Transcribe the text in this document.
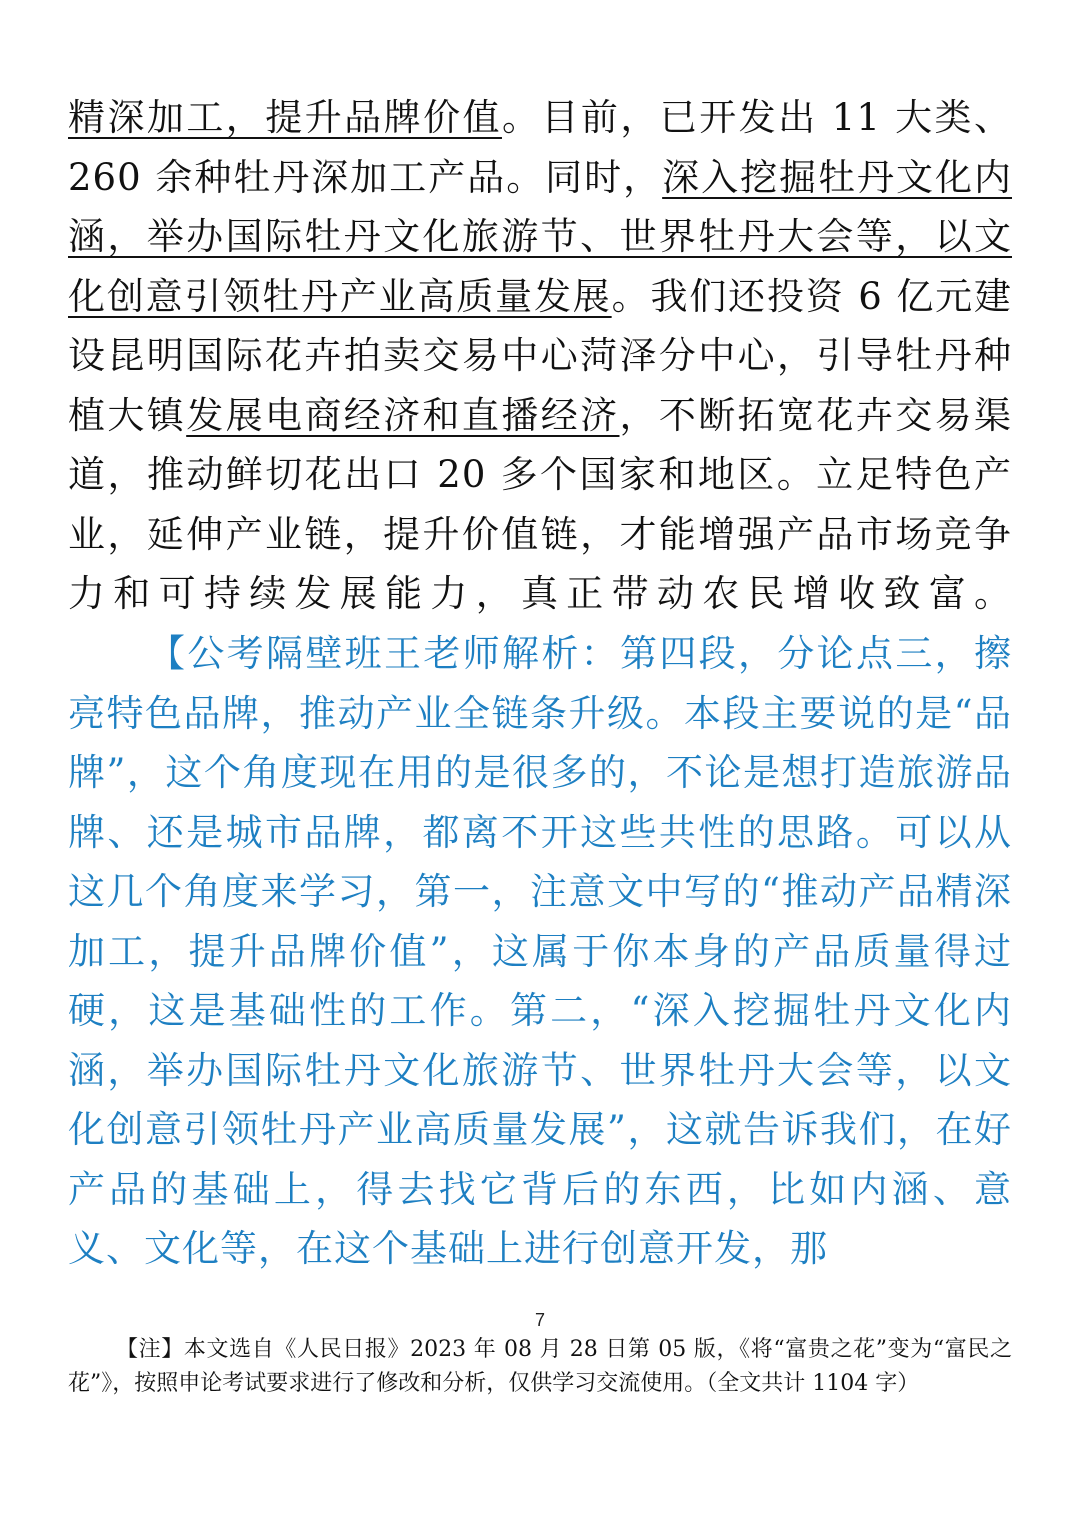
精深加工，提升品牌价值。目前，已开发出 11 大类、260 余种牡丹深加工产品。同时，深入挖掘牡丹文化内涵，举办国际牡丹文化旅游节、世界牡丹大会等，以文化创意引领牡丹产业高质量发展。我们还投资 6 亿元建设昆明国际花卉拍卖交易中心菏泽分中心，引导牡丹种植大镇发展电商经济和直播经济，不断拓宽花卉交易渠道，推动鲜切花出口 20 多个国家和地区。立足特色产业，延伸产业链，提升价值链，才能增强产品市场竞争力和可持续发展能力，真正带动农民增收致富。

【公考隔壁班王老师解析：第四段，分论点三，擦亮特色品牌，推动产业全链条升级。本段主要说的是“品牌”，这个角度现在用的是很多的，不论是想打造旅游品牌、还是城市品牌，都离不开这些共性的思路。可以从这几个角度来学习，第一，注意文中写的“推动产品精深加工，提升品牌价值”，这属于你本身的产品质量得过硬，这是基础性的工作。第二，“深入挖掘牡丹文化内涵，举办国际牡丹文化旅游节、世界牡丹大会等，以文化创意引领牡丹产业高质量发展”，这就告诉我们，在好产品的基础上，得去找它背后的东西，比如内涵、意义、文化等，在这个基础上进行创意开发，那

7

【注】本文选自《人民日报》2023 年 08 月 28 日第 05 版，《将“富贵之花”变为“富民之花”》，按照申论考试要求进行了修改和分析，仅供学习交流使用。（全文共计 1104 字）
